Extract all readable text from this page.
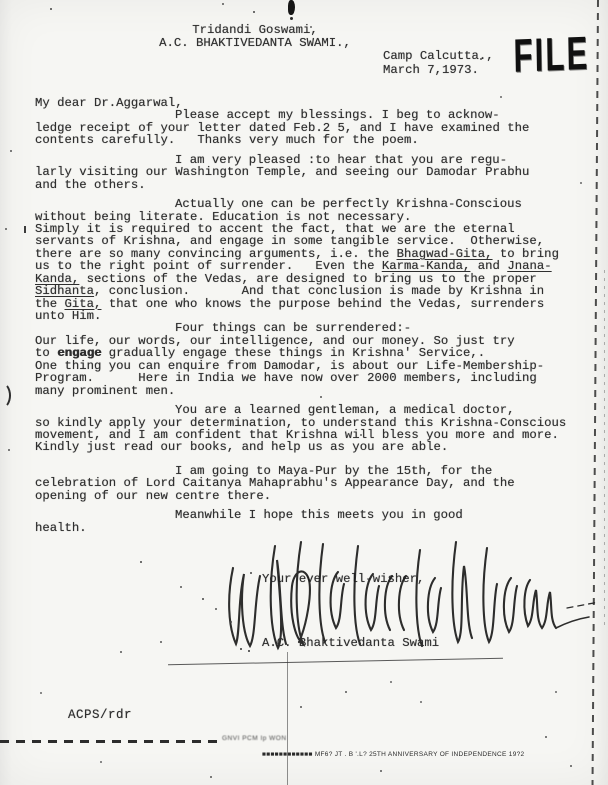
Tridandi Goswami,
A.C. BHAKTIVEDANTA SWAMI.,
Camp Calcutta.,
March 7,1973. FILE
My dear Dr.Aggarwal,
Please accept my blessings. I beg to acknow-
ledge receipt of your letter dated Feb.2 5, and I have examined the
contents carefully.   Thanks very much for the poem.
I am very pleased :to hear that you are regu-
larly visiting our Washington Temple, and seeing our Damodar Prabhu
and the others.
Actually one can be perfectly Krishna-Conscious
without being literate. Education is not necessary.
Simply it is required to accent the fact, that we are the eternal
servants of Krishna, and engage in some tangible service.  Otherwise,
there are so many convincing arguments, i.e. the Bhagwad-Gita, to bring
us to the right point of surrender.   Even the Karma-Kanda, and Jnana-
Kanda, sections of the Vedas, are designed to bring us to the proper
Sidhanta, conclusion.       And that conclusion is made by Krishna in
the Gita, that one who knows the purpose behind the Vedas, surrenders
unto Him.
Four things can be surrendered:-
Our life, our words, our intelligence, and our money. So just try
to engage gradually engage these things in Krishna' Service,.
One thing you can enquire from Damodar, is about our Life-Membership-
Program.      Here in India we have now over 2000 members, including
many prominent men.
You are a learned gentleman, a medical doctor,
so kindly apply your determination, to understand this Krishna-Conscious
movement, and I am confident that Krishna will bless you more and more.
Kindly just read our books, and help us as you are able.
I am going to Maya-Pur by the 15th, for the
celebration of Lord Caitanya Mahaprabhu's Appearance Day, and the
opening of our new centre there.
Meanwhile I hope this meets you in good
health.
Your ever well-wisher,
A.C. Bhaktivedanta Swami
ACPS/rdr
GNVI PCM Ip WON
■■■■■■■■■■■■ MF6? JT . B '.L? 25TH ANNIVERSARY OF INDEPENDENCE 19?2
